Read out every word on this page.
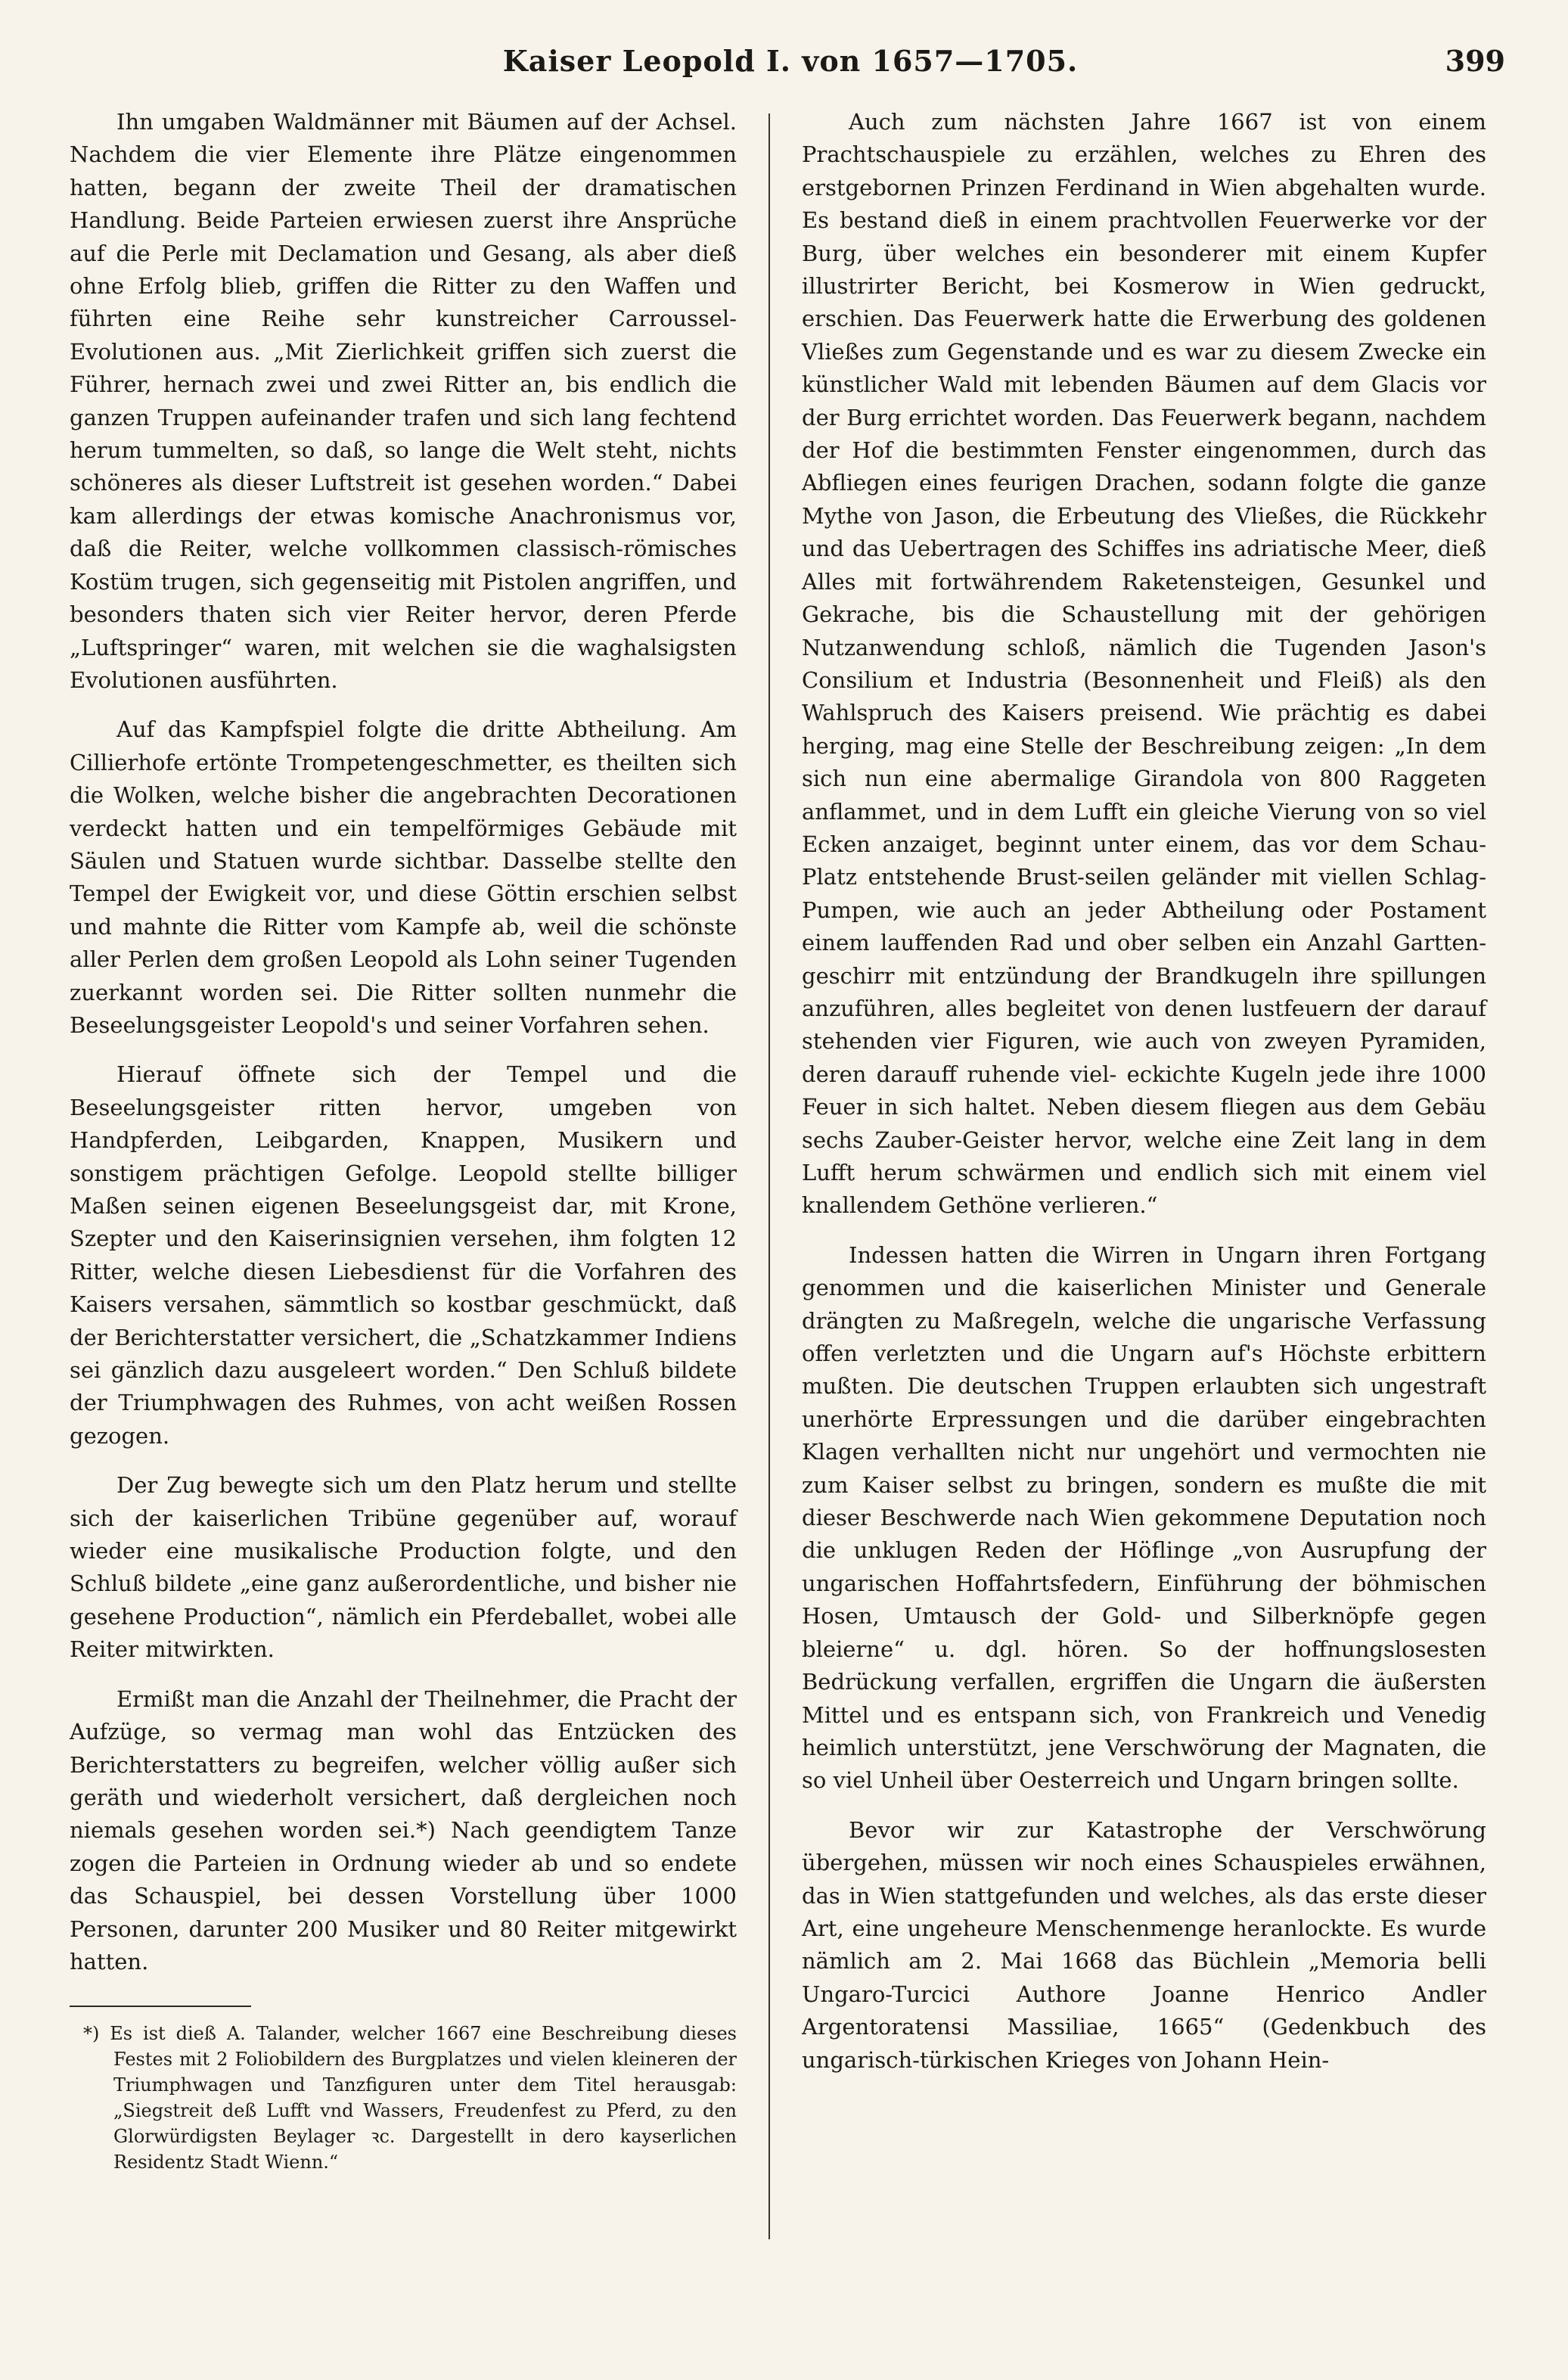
Kaiser Leopold I. von 1657—1705.	399

Ihn umgaben Waldmänner mit Bäumen auf der Achsel. Nachdem die vier Elemente ihre Plätze eingenommen hatten, begann der zweite Theil der dramatischen Handlung. Beide Parteien erwiesen zuerst ihre Ansprüche auf die Perle mit Declamation und Gesang, als aber dieß ohne Erfolg blieb, griffen die Ritter zu den Waffen und führten eine Reihe sehr kunstreicher Carroussel-Evolutionen aus. „Mit Zierlichkeit griffen sich zuerst die Führer, hernach zwei und zwei Ritter an, bis endlich die ganzen Truppen aufeinander trafen und sich lang fechtend herum tummelten, so daß, so lange die Welt steht, nichts schöneres als dieser Luftstreit ist gesehen worden.“ Dabei kam allerdings der etwas komische Anachronismus vor, daß die Reiter, welche vollkommen classisch-römisches Kostüm trugen, sich gegenseitig mit Pistolen angriffen, und besonders thaten sich vier Reiter hervor, deren Pferde „Luftspringer“ waren, mit welchen sie die waghalsigsten Evolutionen ausführten.

Auf das Kampfspiel folgte die dritte Abtheilung. Am Cillierhofe ertönte Trompetengeschmetter, es theilten sich die Wolken, welche bisher die angebrachten Decorationen verdeckt hatten und ein tempelförmiges Gebäude mit Säulen und Statuen wurde sichtbar. Dasselbe stellte den Tempel der Ewigkeit vor, und diese Göttin erschien selbst und mahnte die Ritter vom Kampfe ab, weil die schönste aller Perlen dem großen Leopold als Lohn seiner Tugenden zuerkannt worden sei. Die Ritter sollten nunmehr die Beseelungsgeister Leopold's und seiner Vorfahren sehen.

Hierauf öffnete sich der Tempel und die Beseelungsgeister ritten hervor, umgeben von Handpferden, Leibgarden, Knappen, Musikern und sonstigem prächtigen Gefolge. Leopold stellte billiger Maßen seinen eigenen Beseelungsgeist dar, mit Krone, Szepter und den Kaiserinsignien versehen, ihm folgten 12 Ritter, welche diesen Liebesdienst für die Vorfahren des Kaisers versahen, sämmtlich so kostbar geschmückt, daß der Berichterstatter versichert, die „Schatzkammer Indiens sei gänzlich dazu ausgeleert worden.“ Den Schluß bildete der Triumphwagen des Ruhmes, von acht weißen Rossen gezogen.

Der Zug bewegte sich um den Platz herum und stellte sich der kaiserlichen Tribüne gegenüber auf, worauf wieder eine musikalische Production folgte, und den Schluß bildete „eine ganz außerordentliche, und bisher nie gesehene Production“, nämlich ein Pferdeballet, wobei alle Reiter mitwirkten.

Ermißt man die Anzahl der Theilnehmer, die Pracht der Aufzüge, so vermag man wohl das Entzücken des Berichterstatters zu begreifen, welcher völlig außer sich geräth und wiederholt versichert, daß dergleichen noch niemals gesehen worden sei.*) Nach geendigtem Tanze zogen die Parteien in Ordnung wieder ab und so endete das Schauspiel, bei dessen Vorstellung über 1000 Personen, darunter 200 Musiker und 80 Reiter mitgewirkt hatten.

*) Es ist dieß A. Talander, welcher 1667 eine Beschreibung dieses Festes mit 2 Foliobildern des Burgplatzes und vielen kleineren der Triumphwagen und Tanzfiguren unter dem Titel herausgab: „Siegstreit deß Lufft vnd Wassers, Freudenfest zu Pferd, zu den Glorwürdigsten Beylager ꝛc. Dargestellt in dero kayserlichen Residentz Stadt Wienn.“

Auch zum nächsten Jahre 1667 ist von einem Prachtschauspiele zu erzählen, welches zu Ehren des erstgebornen Prinzen Ferdinand in Wien abgehalten wurde. Es bestand dieß in einem prachtvollen Feuerwerke vor der Burg, über welches ein besonderer mit einem Kupfer illustrirter Bericht, bei Kosmerow in Wien gedruckt, erschien. Das Feuerwerk hatte die Erwerbung des goldenen Vließes zum Gegenstande und es war zu diesem Zwecke ein künstlicher Wald mit lebenden Bäumen auf dem Glacis vor der Burg errichtet worden. Das Feuerwerk begann, nachdem der Hof die bestimmten Fenster eingenommen, durch das Abfliegen eines feurigen Drachen, sodann folgte die ganze Mythe von Jason, die Erbeutung des Vließes, die Rückkehr und das Uebertragen des Schiffes ins adriatische Meer, dieß Alles mit fortwährendem Raketensteigen, Gesunkel und Gekrache, bis die Schaustellung mit der gehörigen Nutzanwendung schloß, nämlich die Tugenden Jason's Consilium et Industria (Besonnenheit und Fleiß) als den Wahlspruch des Kaisers preisend. Wie prächtig es dabei herging, mag eine Stelle der Beschreibung zeigen: „In dem sich nun eine abermalige Girandola von 800 Raggeten anflammet, und in dem Lufft ein gleiche Vierung von so viel Ecken anzaiget, beginnt unter einem, das vor dem Schau-Platz entstehende Brust-seilen geländer mit viellen Schlag- Pumpen, wie auch an jeder Abtheilung oder Postament einem lauffenden Rad und ober selben ein Anzahl Gartten-geschirr mit entzündung der Brandkugeln ihre spillungen anzuführen, alles begleitet von denen lustfeuern der darauf stehenden vier Figuren, wie auch von zweyen Pyramiden, deren darauff ruhende viel- eckichte Kugeln jede ihre 1000 Feuer in sich haltet. Neben diesem fliegen aus dem Gebäu sechs Zauber-Geister hervor, welche eine Zeit lang in dem Lufft herum schwärmen und endlich sich mit einem viel knallendem Gethöne verlieren.“

Indessen hatten die Wirren in Ungarn ihren Fortgang genommen und die kaiserlichen Minister und Generale drängten zu Maßregeln, welche die ungarische Verfassung offen verletzten und die Ungarn auf's Höchste erbittern mußten. Die deutschen Truppen erlaubten sich ungestraft unerhörte Erpressungen und die darüber eingebrachten Klagen verhallten nicht nur ungehört und vermochten nie zum Kaiser selbst zu bringen, sondern es mußte die mit dieser Beschwerde nach Wien gekommene Deputation noch die unklugen Reden der Höflinge „von Ausrupfung der ungarischen Hoffahrtsfedern, Einführung der böhmischen Hosen, Umtausch der Gold- und Silberknöpfe gegen bleierne“ u. dgl. hören. So der hoffnungslosesten Bedrückung verfallen, ergriffen die Ungarn die äußersten Mittel und es entspann sich, von Frankreich und Venedig heimlich unterstützt, jene Verschwörung der Magnaten, die so viel Unheil über Oesterreich und Ungarn bringen sollte.

Bevor wir zur Katastrophe der Verschwörung übergehen, müssen wir noch eines Schauspieles erwähnen, das in Wien stattgefunden und welches, als das erste dieser Art, eine ungeheure Menschenmenge heranlockte. Es wurde nämlich am 2. Mai 1668 das Büchlein „Memoria belli Ungaro-Turcici Authore Joanne Henrico Andler Argentoratensi Massiliae, 1665“ (Gedenkbuch des ungarisch-türkischen Krieges von Johann Hein-
